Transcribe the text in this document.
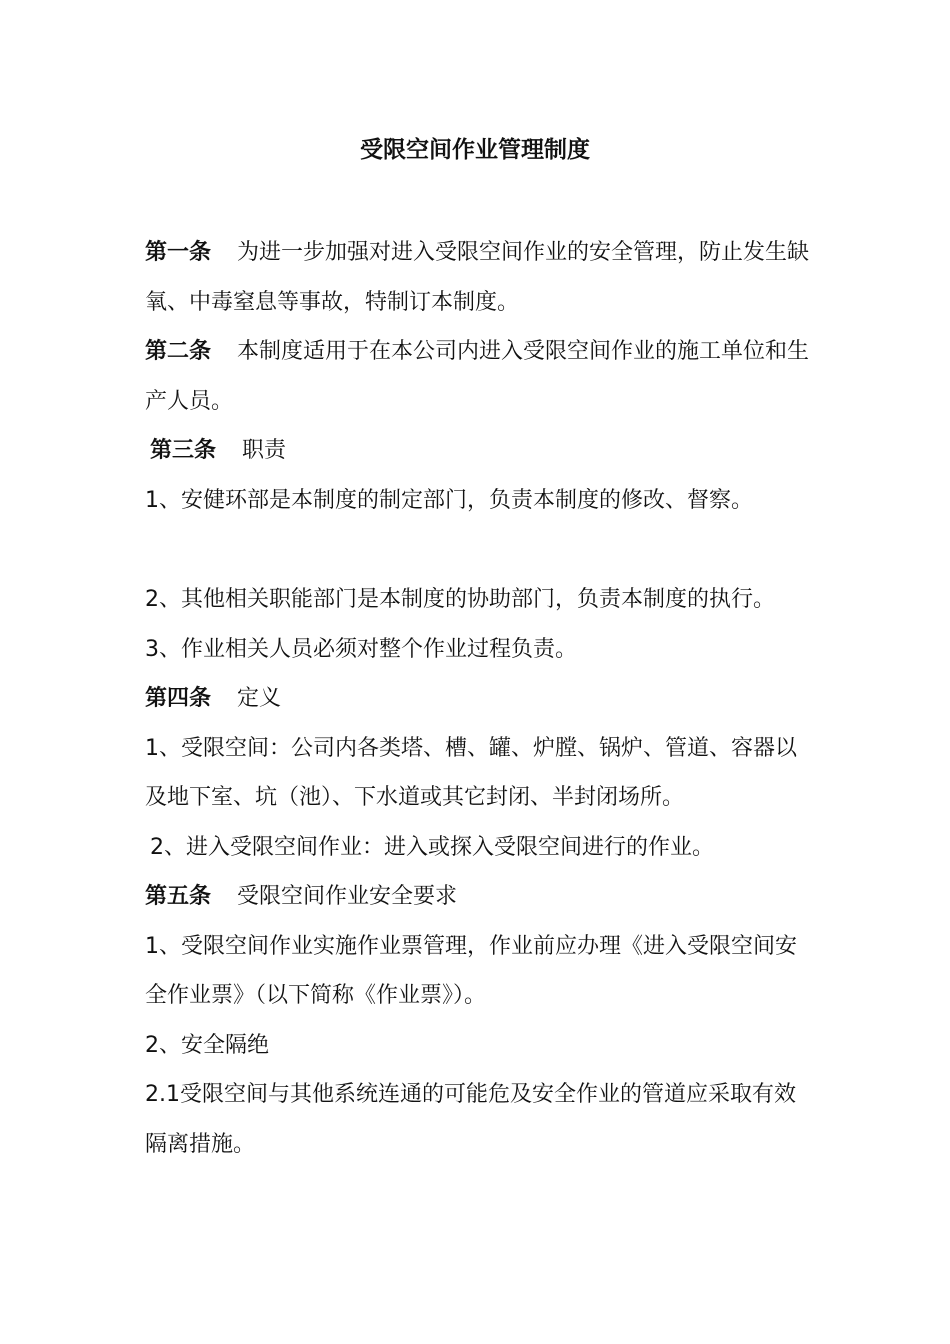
受限空间作业管理制度

第一条 为进一步加强对进入受限空间作业的安全管理，防止发生缺氧、中毒窒息等事故，特制订本制度。

第二条 本制度适用于在本公司内进入受限空间作业的施工单位和生产人员。

第三条 职责

1、安健环部是本制度的制定部门，负责本制度的修改、督察。

2、其他相关职能部门是本制度的协助部门，负责本制度的执行。

3、作业相关人员必须对整个作业过程负责。

第四条 定义

1、受限空间：公司内各类塔、槽、罐、炉膛、锅炉、管道、容器以及地下室、坑（池）、下水道或其它封闭、半封闭场所。

2、进入受限空间作业：进入或探入受限空间进行的作业。

第五条 受限空间作业安全要求

1、受限空间作业实施作业票管理，作业前应办理《进入受限空间安全作业票》（以下简称《作业票》）。

2、安全隔绝

2.1受限空间与其他系统连通的可能危及安全作业的管道应采取有效隔离措施。
